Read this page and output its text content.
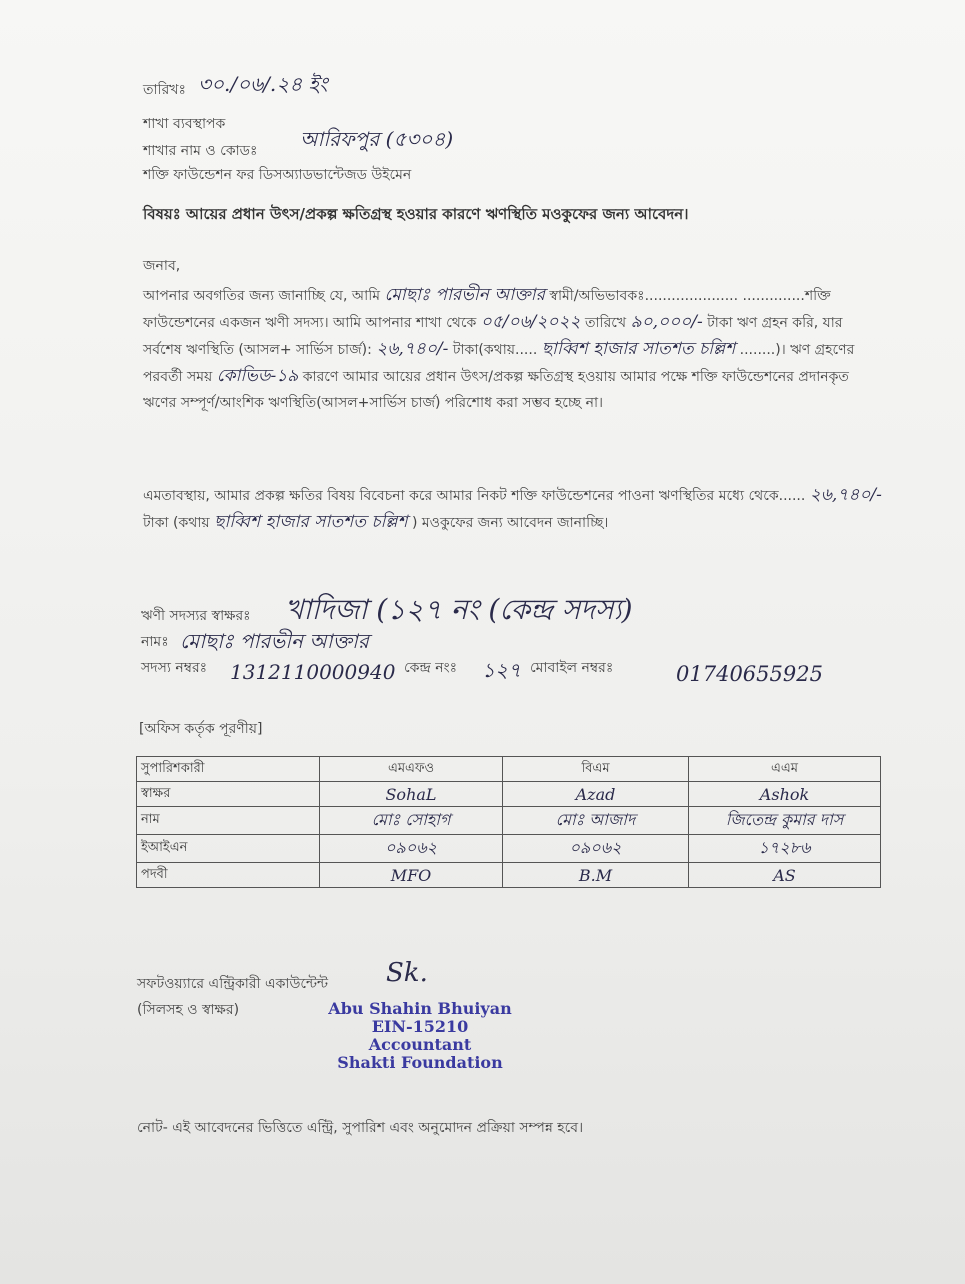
তারিখঃ ৩০./০৬/.২৪ ইং
শাখা ব্যবস্থাপক
শাখার নাম ও কোডঃ আরিফপুর (৫৩০৪)
শক্তি ফাউন্ডেশন ফর ডিসঅ্যাডভান্টেজড উইমেন
বিষয়ঃ আয়ের প্রধান উৎস/প্রকল্প ক্ষতিগ্রস্থ হওয়ার কারণে ঋণস্থিতি মওকুফের জন্য আবেদন।
জনাব,
আপনার অবগতির জন্য জানাচ্ছি যে, আমি মোছাঃ পারভীন আক্তার স্বামী/অভিভাবকঃ..................... ..............শক্তি ফাউন্ডেশনের একজন ঋণী সদস্য। আমি আপনার শাখা থেকে ০৫/০৬/২০২২ তারিখে ৯০,০০০/- টাকা ঋণ গ্রহন করি, যার সর্বশেষ ঋণস্থিতি (আসল+ সার্ভিস চার্জ): ২৬,৭৪০/- টাকা(কথায়..... ছাব্বিশ হাজার সাতশত চল্লিশ ........)। ঋণ গ্রহণের পরবর্তী সময় কোভিড-১৯ কারণে আমার আয়ের প্রধান উৎস/প্রকল্প ক্ষতিগ্রস্থ হওয়ায় আমার পক্ষে শক্তি ফাউন্ডেশনের প্রদানকৃত ঋণের সম্পূর্ণ/আংশিক ঋণস্থিতি(আসল+সার্ভিস চার্জ) পরিশোধ করা সম্ভব হচ্ছে না।
এমতাবস্থায়, আমার প্রকল্প ক্ষতির বিষয় বিবেচনা করে আমার নিকট শক্তি ফাউন্ডেশনের পাওনা ঋণস্থিতির মধ্যে থেকে...... ২৬,৭৪০/- টাকা (কথায় ছাব্বিশ হাজার সাতশত চল্লিশ ) মওকুফের জন্য আবেদন জানাচ্ছি।
ঋণী সদস্যর স্বাক্ষরঃ খাদিজা (১২৭ নং (কেন্দ্র সদস্য)
নামঃ মোছাঃ পারভীন আক্তার
সদস্য নম্বরঃ 1312110000940 কেন্দ্র নংঃ ১২৭ মোবাইল নম্বরঃ	01740655925
[অফিস কর্তৃক পূরণীয়]
সুপারিশকারী	এমএফও	বিএম	এএম
স্বাক্ষর	SohaL	Azad	Ashok
নাম	মোঃ সোহাগ	মোঃ আজাদ	জিতেন্দ্র কুমার দাস
ইআইএন	০৯০৬২	০৯০৬২	১৭২৮৬
পদবী	MFO	B.M	AS
সফটওয়্যারে এন্ট্রিকারী একাউন্টেন্ট
(সিলসহ ও স্বাক্ষর)
Sk.
Abu Shahin Bhuiyan
EIN-15210
Accountant
Shakti Foundation
নোট- এই আবেদনের ভিত্তিতে এন্ট্রি, সুপারিশ এবং অনুমোদন প্রক্রিয়া সম্পন্ন হবে।
